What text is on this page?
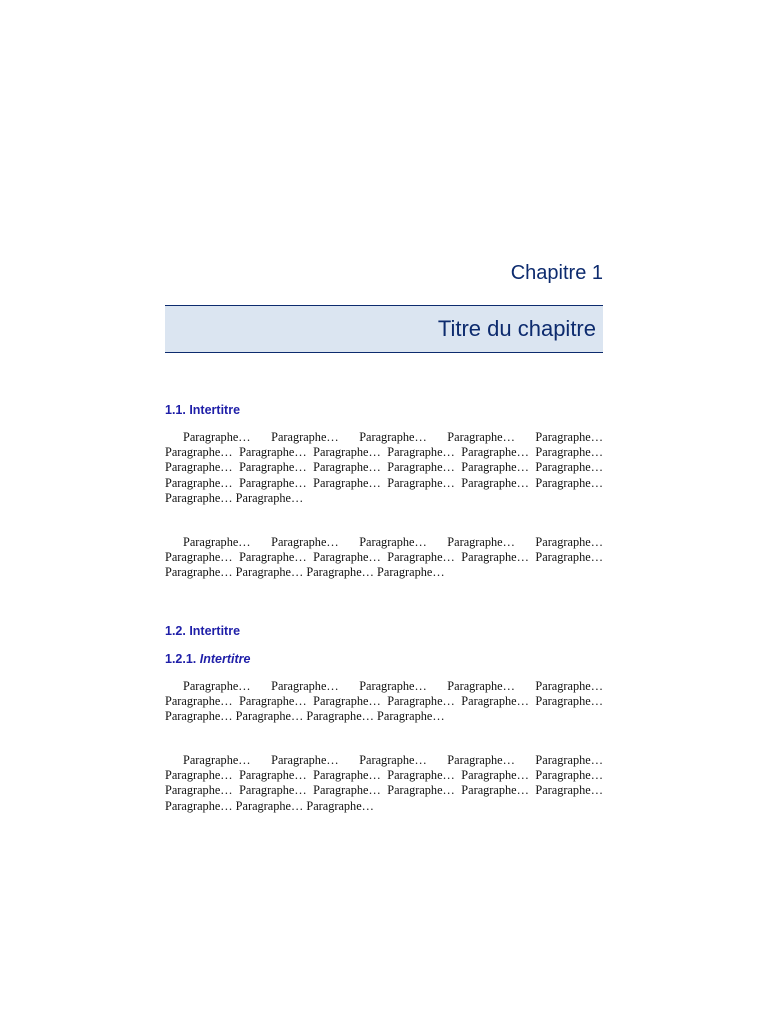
Chapitre 1
Titre du chapitre
1.1. Intertitre

Paragraphe… Paragraphe… Paragraphe… Paragraphe… Paragraphe… Paragraphe… Paragraphe… Paragraphe… Paragraphe… Paragraphe… Paragraphe… Paragraphe… Paragraphe… Paragraphe… Paragraphe… Paragraphe… Paragraphe… Paragraphe… Paragraphe… Paragraphe… Paragraphe… Paragraphe… Paragraphe… Paragraphe… Paragraphe…

Paragraphe… Paragraphe… Paragraphe… Paragraphe… Paragraphe… Paragraphe… Paragraphe… Paragraphe… Paragraphe… Paragraphe… Paragraphe… Paragraphe… Paragraphe… Paragraphe… Paragraphe…

1.2. Intertitre
1.2.1. Intertitre

Paragraphe… Paragraphe… Paragraphe… Paragraphe… Paragraphe… Paragraphe… Paragraphe… Paragraphe… Paragraphe… Paragraphe… Paragraphe… Paragraphe… Paragraphe… Paragraphe… Paragraphe…

Paragraphe… Paragraphe… Paragraphe… Paragraphe… Paragraphe… Paragraphe… Paragraphe… Paragraphe… Paragraphe… Paragraphe… Paragraphe… Paragraphe… Paragraphe… Paragraphe… Paragraphe… Paragraphe… Paragraphe… Paragraphe… Paragraphe… Paragraphe…
